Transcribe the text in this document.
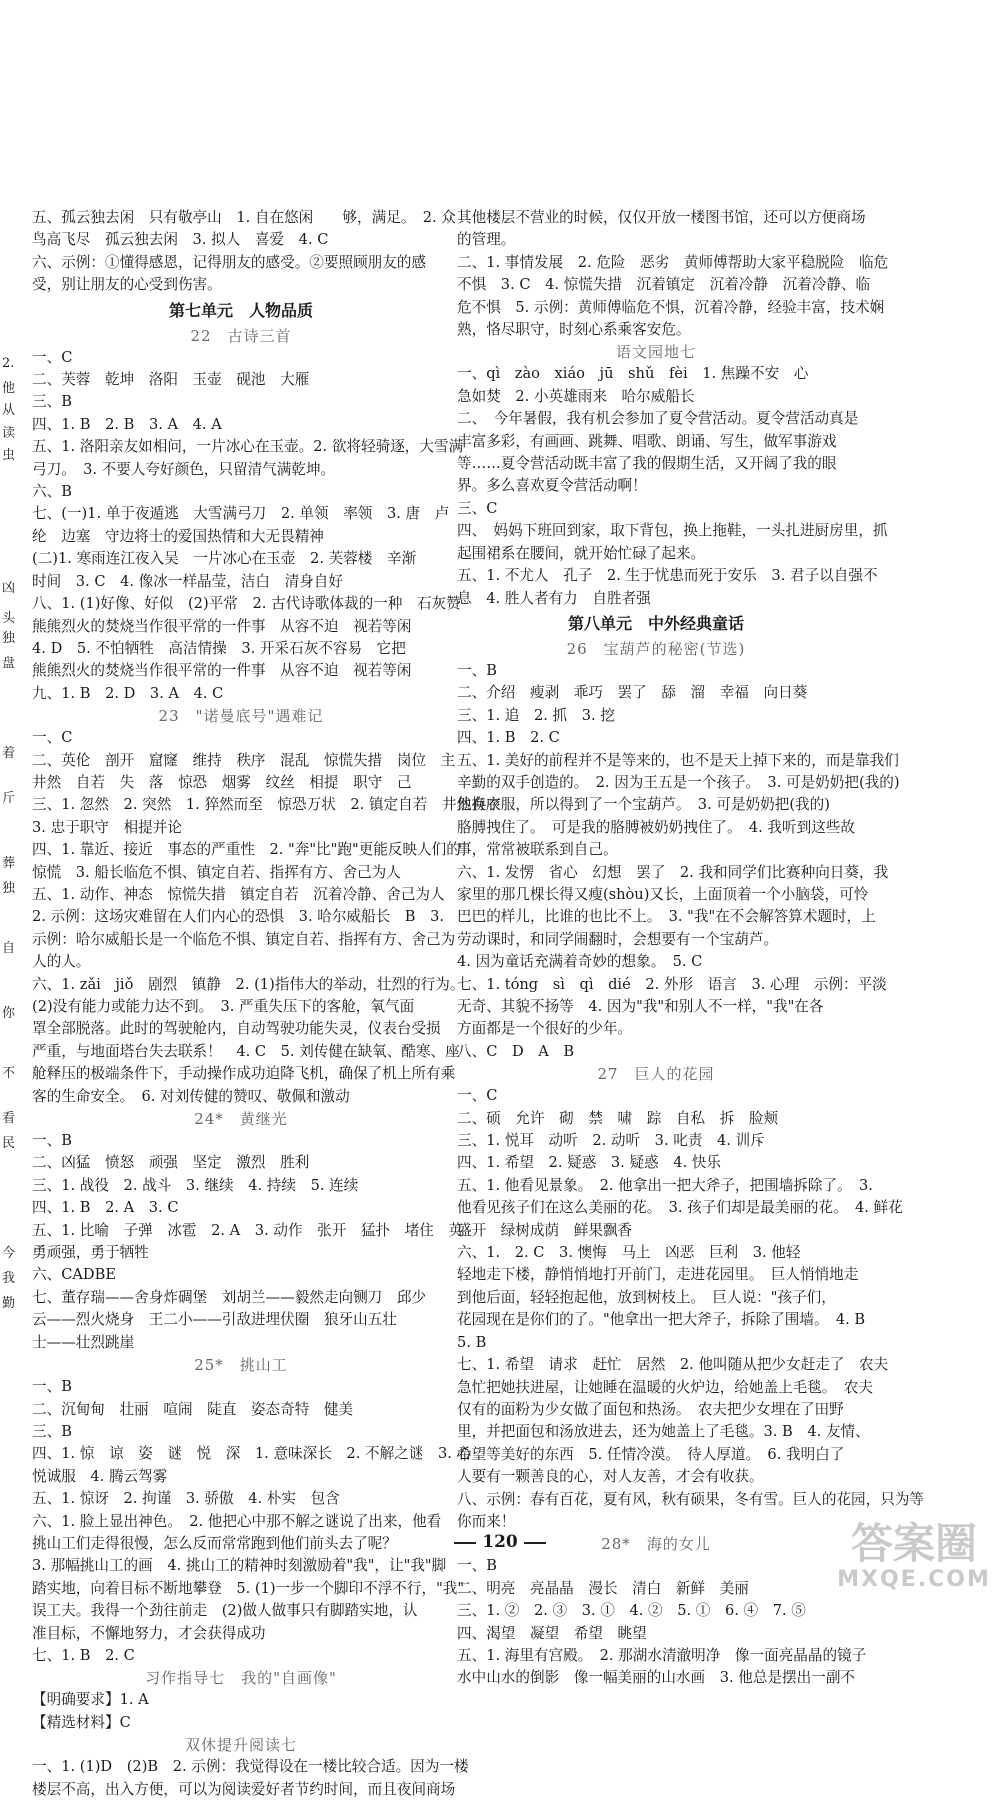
2.
他
从
读
虫
凶
头
独
盘
着
斤
葬
独
自
你
不
看
民
今
我
勤
五、孤云独去闲　只有敬亭山　1. 自在悠闲　　够，满足。　2. 众
鸟高飞尽　孤云独去闲　3. 拟人　喜爱　4. C
六、示例：①懂得感恩，记得朋友的感受。②要照顾朋友的感
受，别让朋友的心受到伤害。
第七单元　人物品质
22　古诗三首
一、C
二、芙蓉　乾坤　洛阳　玉壶　砚池　大雁
三、B
四、1. B　2. B　3. A　4. A
五、1. 洛阳亲友如相问，一片冰心在玉壶。2. 欲将轻骑逐，大雪满
弓刀。　3. 不要人夸好颜色，只留清气满乾坤。
六、B
七、(一)1. 单于夜遁逃　大雪满弓刀　2. 单领　率领　3. 唐　卢
纶　边塞　守边将士的爱国热情和大无畏精神
(二)1. 寒雨连江夜入吴　一片冰心在玉壶　2. 芙蓉楼　辛渐
时间　3. C　4. 像冰一样晶莹，洁白　清身自好
八、1. (1)好像、好似　(2)平常　2. 古代诗歌体裁的一种　石灰赞
熊熊烈火的焚烧当作很平常的一件事　从容不迫　视若等闲
4. D　5. 不怕牺牲　高洁情操　3. 开采石灰不容易　它把
熊熊烈火的焚烧当作很平常的一件事　从容不迫　视若等闲
九、1. B　2. D　3. A　4. C
23　"诺曼底号"遇难记
一、C
二、英伦　剖开　窟窿　维持　秩序　混乱　惊慌失措　岗位　主
井然　自若　失　落　惊恐　烟雾　纹丝　相提　职守　己
三、1. 忽然　2. 突然　1. 猝然而至　惊恐万状　2. 镇定自若　井然有序
3. 忠于职守　相提并论
四、1. 靠近、接近　事态的严重性　2. "奔"比"跑"更能反映人们的
惊慌　3. 船长临危不惧、镇定自若、指挥有方、舍己为人
五、1. 动作、神态　惊慌失措　镇定自若　沉着冷静、舍己为人
2. 示例：这场灾难留在人们内心的恐惧　3. 哈尔威船长　B　3.
示例：哈尔威船长是一个临危不惧、镇定自若、指挥有方、舍己为
人的人。
六、1. zǎi　jiǒ　剧烈　镇静　2. (1)指伟大的举动，壮烈的行为。
(2)没有能力或能力达不到。　3. 严重失压下的客舱，氧气面
罩全部脱落。此时的驾驶舱内，自动驾驶功能失灵，仪表台受损
严重，与地面塔台失去联系！　4. C　5. 刘传健在缺氧、酷寒、座
舱释压的极端条件下，手动操作成功迫降飞机，确保了机上所有乘
客的生命安全。　6. 对刘传健的赞叹、敬佩和激动
24*　黄继光
一、B
二、凶猛　愤怒　顽强　坚定　激烈　胜利
三、1. 战役　2. 战斗　3. 继续　4. 持续　5. 连续
四、1. B　2. A　3. C
五、1. 比喻　子弹　冰雹　2. A　3. 动作　张开　猛扑　堵住　英
勇顽强，勇于牺牲
六、CADBE
七、董存瑞——舍身炸碉堡　刘胡兰——毅然走向铡刀　邱少
云——烈火烧身　王二小——引敌进埋伏圈　狼牙山五壮
士——壮烈跳崖
25*　挑山工
一、B
二、沉甸甸　壮丽　喧闹　陡直　姿态奇特　健美
三、B
四、1. 惊　谅　姿　谜　悦　深　1. 意味深长　2. 不解之谜　3. 心
悦诚服　4. 腾云驾雾
五、1. 惊讶　2. 拘谨　3. 骄傲　4. 朴实　包含
六、1. 脸上显出神色。　2. 他把心中那不解之谜说了出来，他看
挑山工们走得很慢，怎么反而常常跑到他们前头去了呢？
3. 那幅挑山工的画　4. 挑山工的精神时刻激励着"我"，让"我"脚
踏实地，向着目标不断地攀登　5. (1)一步一个脚印不浮不行，"我"
误工夫。我得一个劲往前走　(2)做人做事只有脚踏实地，认
准目标，不懈地努力，才会获得成功
七、1. B　2. C
习作指导七　我的"自画像"
【明确要求】1. A
【精选材料】C
双休提升阅读七
一、1. (1)D　(2)B　2. 示例：我觉得设在一楼比较合适。因为一楼
楼层不高，出入方便，可以为阅读爱好者节约时间，而且夜间商场
其他楼层不营业的时候，仅仅开放一楼图书馆，还可以方便商场
的管理。
二、1. 事情发展　2. 危险　恶劣　黄师傅帮助大家平稳脱险　临危
不惧　3. C　4. 惊慌失措　沉着镇定　沉着冷静　沉着冷静、临
危不惧　5. 示例：黄师傅临危不惧，沉着冷静，经验丰富，技术娴
熟，恪尽职守，时刻心系乘客安危。
语文园地七
一、qì　zào　xiáo　jū　shǔ　fèi　1. 焦躁不安　心
急如焚　2. 小英雄雨来　哈尔威船长
二、　今年暑假，我有机会参加了夏令营活动。夏令营活动真是
丰富多彩，有画画、跳舞、唱歌、朗诵、写生，做军事游戏
等……夏令营活动既丰富了我的假期生活，又开阔了我的眼
界。多么喜欢夏令营活动啊！
三、C
四、　妈妈下班回到家，取下背包，换上拖鞋，一头扎进厨房里，抓
起围裙系在腰间，就开始忙碌了起来。
五、1. 不尤人　孔子　2. 生于忧患而死于安乐　3. 君子以自强不
息　4. 胜人者有力　自胜者强
第八单元　中外经典童话
26　宝葫芦的秘密(节选)
一、B
二、介绍　瘦剥　乖巧　罢了　舔　溜　幸福　向日葵
三、1. 追　2. 抓　3. 挖
四、1. B　2. C
五、1. 美好的前程并不是等来的，也不是天上掉下来的，而是靠我们
辛勤的双手创造的。　2. 因为王五是一个孩子。　3. 可是奶奶把(我的)
他换衣服，所以得到了一个宝葫芦。　3. 可是奶奶把(我的)
胳膊拽住了。　可是我的胳膊被奶奶拽住了。　4. 我听到这些故
事，常常被联系到自己。
六、1. 发愣　省心　幻想　罢了　2. 我和同学们比赛种向日葵，我
家里的那几棵长得又瘦(shòu)又长，上面顶着一个小脑袋，可怜
巴巴的样儿，比谁的也比不上。　3. "我"在不会解答算术题时，上
劳动课时，和同学闹翻时，会想要有一个宝葫芦。
4. 因为童话充满着奇妙的想象。　5. C
七、1. tóng　sì　qì　dié　2. 外形　语言　3. 心理　示例：平淡
无奇、其貌不扬等　4. 因为"我"和别人不一样，"我"在各
方面都是一个很好的少年。
八、C　D　A　B
27　巨人的花园
一、C
二、硕　允许　砌　禁　啸　踪　自私　拆　脸颊
三、1. 悦耳　动听　2. 动听　3. 叱责　4. 训斥
四、1. 希望　2. 疑惑　3. 疑惑　4. 快乐
五、1. 他看见景象。　2. 他拿出一把大斧子，把围墙拆除了。　3.
他看见孩子们在这么美丽的花。　3. 孩子们却是最美丽的花。　4. 鲜花
盛开　绿树成荫　鲜果飘香
六、1.　2. C　3. 懊悔　马上　凶恶　巨利　3. 他轻
轻地走下楼，静悄悄地打开前门，走进花园里。　巨人悄悄地走
到他后面，轻轻抱起他，放到树枝上。　巨人说："孩子们，
花园现在是你们的了。"他拿出一把大斧子，拆除了围墙。　4. B
5. B
七、1. 希望　请求　赶忙　居然　2. 他叫随从把少女赶走了　农夫
急忙把她扶进屋，让她睡在温暖的火炉边，给她盖上毛毯。　农夫
仅有的面粉为少女做了面包和热汤。　农夫把少女埋在了田野
里，并把面包和汤放进去，还为她盖上了毛毯。3. B　4. 友情、
希望等美好的东西　5. 任情冷漠。　待人厚道。　6. 我明白了
人要有一颗善良的心，对人友善，才会有收获。
八、示例：春有百花，夏有风，秋有硕果，冬有雪。巨人的花园，只为等
你而来！
28*　海的女儿
一、B
二、明亮　亮晶晶　漫长　清白　新鲜　美丽
三、1. ②　2. ③　3. ①　4. ②　5. ①　6. ④　7. ⑤
四、渴望　凝望　希望　眺望
五、1. 海里有宫殿。　2. 那湖水清澈明净　像一面亮晶晶的镜子
水中山水的倒影　像一幅美丽的山水画　3. 他总是摆出一副不
120	答案圈
MXQE.COM
